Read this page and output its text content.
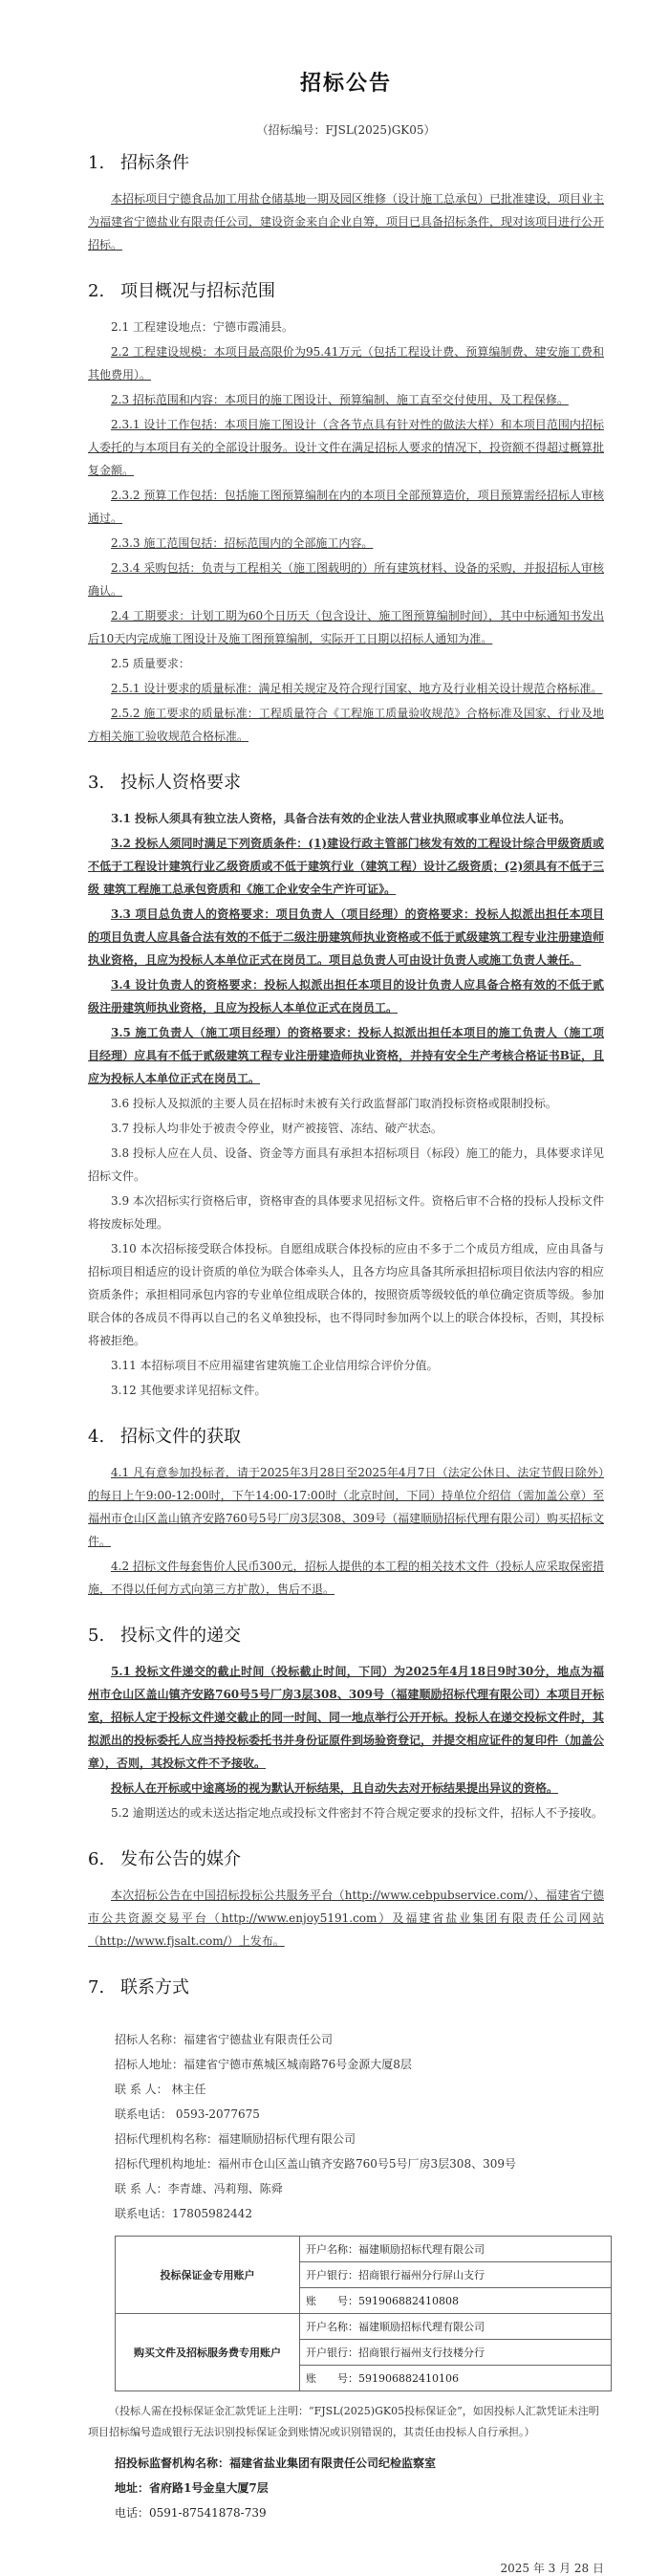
招标公告
（招标编号：FJSL(2025)GK05）
1. 招标条件

本招标项目宁德食品加工用盐仓储基地一期及园区维修（设计施工总承包）已批准建设，项目业主为福建省宁德盐业有限责任公司，建设资金来自企业自筹，项目已具备招标条件，现对该项目进行公开招标。

2. 项目概况与招标范围

2.1 工程建设地点：宁德市霞浦县。

2.2 工程建设规模：本项目最高限价为95.41万元（包括工程设计费、预算编制费、建安施工费和其他费用）。

2.3 招标范围和内容：本项目的施工图设计、预算编制、施工直至交付使用、及工程保修。

2.3.1 设计工作包括：本项目施工图设计（含各节点具有针对性的做法大样）和本项目范围内招标人委托的与本项目有关的全部设计服务。设计文件在满足招标人要求的情况下，投资额不得超过概算批复金额。

2.3.2 预算工作包括：包括施工图预算编制在内的本项目全部预算造价，项目预算需经招标人审核通过。

2.3.3 施工范围包括：招标范围内的全部施工内容。

2.3.4 采购包括：负责与工程相关（施工图载明的）所有建筑材料、设备的采购，并报招标人审核确认。

2.4 工期要求：计划工期为60个日历天（包含设计、施工图预算编制时间），其中中标通知书发出后10天内完成施工图设计及施工图预算编制，实际开工日期以招标人通知为准。

2.5 质量要求：

2.5.1 设计要求的质量标准：满足相关规定及符合现行国家、地方及行业相关设计规范合格标准。

2.5.2 施工要求的质量标准：工程质量符合《工程施工质量验收规范》合格标准及国家、行业及地方相关施工验收规范合格标准。

3. 投标人资格要求

3.1 投标人须具有独立法人资格，具备合法有效的企业法人营业执照或事业单位法人证书。

3.2 投标人须同时满足下列资质条件：(1)建设行政主管部门核发有效的工程设计综合甲级资质或不低于工程设计建筑行业乙级资质或不低于建筑行业（建筑工程）设计乙级资质；(2)须具有不低于三级 建筑工程施工总承包资质和《施工企业安全生产许可证》。

3.3 项目总负责人的资格要求：项目负责人（项目经理）的资格要求：投标人拟派出担任本项目的项目负责人应具备合法有效的不低于二级注册建筑师执业资格或不低于贰级建筑工程专业注册建造师执业资格，且应为投标人本单位正式在岗员工。项目总负责人可由设计负责人或施工负责人兼任。

3.4 设计负责人的资格要求：投标人拟派出担任本项目的设计负责人应具备合格有效的不低于贰级注册建筑师执业资格，且应为投标人本单位正式在岗员工。

3.5 施工负责人（施工项目经理）的资格要求：投标人拟派出担任本项目的施工负责人（施工项目经理）应具有不低于贰级建筑工程专业注册建造师执业资格，并持有安全生产考核合格证书B证，且应为投标人本单位正式在岗员工。

3.6 投标人及拟派的主要人员在招标时未被有关行政监督部门取消投标资格或限制投标。

3.7 投标人均非处于被责令停业，财产被接管、冻结、破产状态。

3.8 投标人应在人员、设备、资金等方面具有承担本招标项目（标段）施工的能力，具体要求详见招标文件。

3.9 本次招标实行资格后审，资格审查的具体要求见招标文件。资格后审不合格的投标人投标文件将按废标处理。

3.10 本次招标接受联合体投标。自愿组成联合体投标的应由不多于二个成员方组成，应由具备与招标项目相适应的设计资质的单位为联合体牵头人，且各方均应具备其所承担招标项目依法内容的相应资质条件；承担相同承包内容的专业单位组成联合体的，按照资质等级较低的单位确定资质等级。参加联合体的各成员不得再以自己的名义单独投标，也不得同时参加两个以上的联合体投标，否则，其投标将被拒绝。

3.11 本招标项目不应用福建省建筑施工企业信用综合评价分值。

3.12 其他要求详见招标文件。

4. 招标文件的获取

4.1 凡有意参加投标者，请于2025年3月28日至2025年4月7日（法定公休日、法定节假日除外）的每日上午9:00-12:00时，下午14:00-17:00时（北京时间，下同）持单位介绍信（需加盖公章）至福州市仓山区盖山镇齐安路760号5号厂房3层308、309号（福建顺励招标代理有限公司）购买招标文件。

4.2 招标文件每套售价人民币300元，招标人提供的本工程的相关技术文件（投标人应采取保密措施，不得以任何方式向第三方扩散），售后不退。

5. 投标文件的递交

5.1 投标文件递交的截止时间（投标截止时间，下同）为2025年4月18日9时30分，地点为福州市仓山区盖山镇齐安路760号5号厂房3层308、309号（福建顺励招标代理有限公司）本项目开标室，招标人定于投标文件递交截止的同一时间、同一地点举行公开开标。投标人在递交投标文件时，其拟派出的投标委托人应当持投标委托书并身份证原件到场验资登记，并提交相应证件的复印件（加盖公章），否则，其投标文件不予接收。

投标人在开标或中途离场的视为默认开标结果，且自动失去对开标结果提出异议的资格。

5.2 逾期送达的或未送达指定地点或投标文件密封不符合规定要求的投标文件，招标人不予接收。

6. 发布公告的媒介

本次招标公告在中国招标投标公共服务平台（http://www.cebpubservice.com/）、福建省宁德市公共资源交易平台（http://www.enjoy5191.com）及福建省盐业集团有限责任公司网站（http://www.fjsalt.com/）上发布。

7. 联系方式
招标人名称：福建省宁德盐业有限责任公司
招标人地址：福建省宁德市蕉城区城南路76号金源大厦8层
联 系 人： 林主任
联系电话： 0593-2077675
招标代理机构名称：福建顺励招标代理有限公司
招标代理机构地址：福州市仓山区盖山镇齐安路760号5号厂房3层308、309号
联 系 人：李青雄、冯莉翔、陈舜
联系电话：17805982442
投标保证金专用账户	开户名称：福建顺励招标代理有限公司
	开户银行：招商银行福州分行屏山支行
	账　　号：591906882410808
购买文件及招标服务费专用账户	开户名称：福建顺励招标代理有限公司
	开户银行：招商银行福州支行技楼分行
	账　　号：591906882410106

（投标人需在投标保证金汇款凭证上注明：“FJSL(2025)GK05投标保证金”，如因投标人汇款凭证未注明项目招标编号造成银行无法识别投标保证金到账情况或识别错误的，其责任由投标人自行承担。）

招投标监督机构名称：福建省盐业集团有限责任公司纪检监察室
地址：省府路1号金皇大厦7层
电话：0591-87541878-739
2025 年 3 月 28 日
